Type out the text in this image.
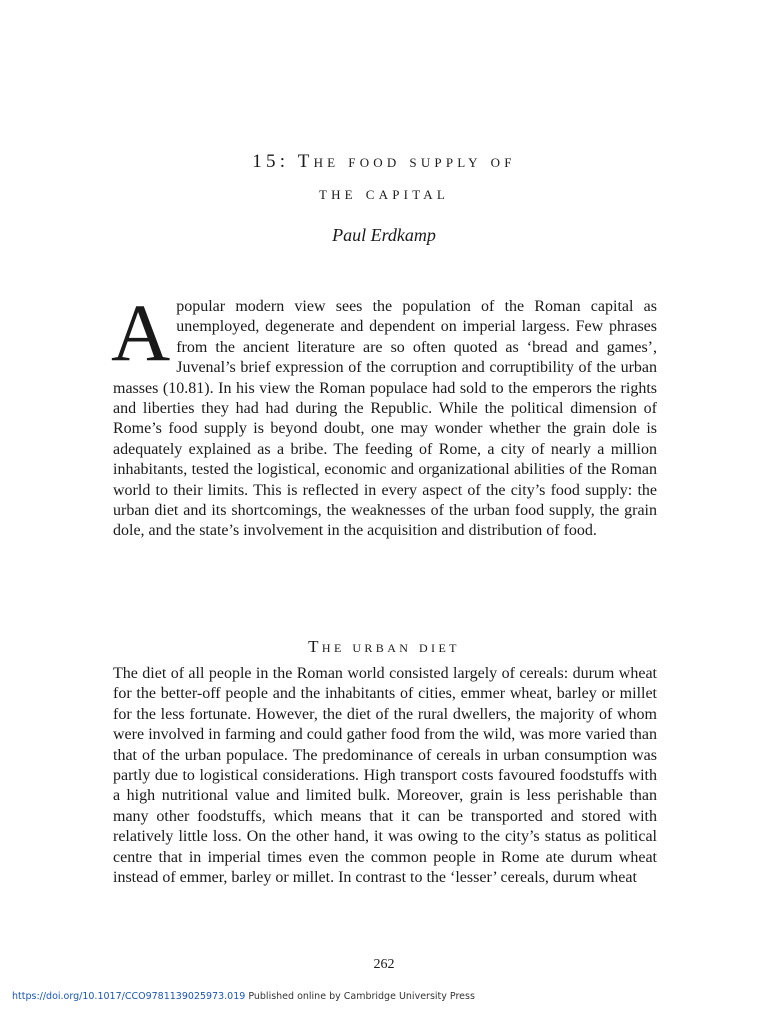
15: The food supply of
the capital
Paul Erdkamp

Apopular modern view sees the population of the Roman capital as unemployed, degenerate and dependent on imperial largess. Few phrases from the ancient literature are so often quoted as ‘bread and games’, Juvenal’s brief expression of the corruption and corruptibility of the urban masses (10.81). In his view the Roman populace had sold to the emperors the rights and liberties they had had during the Republic. While the political dimension of Rome’s food supply is beyond doubt, one may wonder whether the grain dole is adequately explained as a bribe. The feeding of Rome, a city of nearly a million inhabitants, tested the logistical, economic and organizational abilities of the Roman world to their limits. This is reflected in every aspect of the city’s food supply: the urban diet and its shortcomings, the weaknesses of the urban food supply, the grain dole, and the state’s involvement in the acquisition and distribution of food.

The urban diet

The diet of all people in the Roman world consisted largely of cereals: durum wheat for the better-off people and the inhabitants of cities, emmer wheat, barley or millet for the less fortunate. However, the diet of the rural dwellers, the majority of whom were involved in farming and could gather food from the wild, was more varied than that of the urban populace. The predominance of cereals in urban consumption was partly due to logistical considerations. High transport costs favoured foodstuffs with a high nutritional value and limited bulk. Moreover, grain is less perishable than many other foodstuffs, which means that it can be transported and stored with relatively little loss. On the other hand, it was owing to the city’s status as political centre that in imperial times even the common people in Rome ate durum wheat instead of emmer, barley or millet. In contrast to the ‘lesser’ cereals, durum wheat

262
https://doi.org/10.1017/CCO9781139025973.019 Published online by Cambridge University Press
